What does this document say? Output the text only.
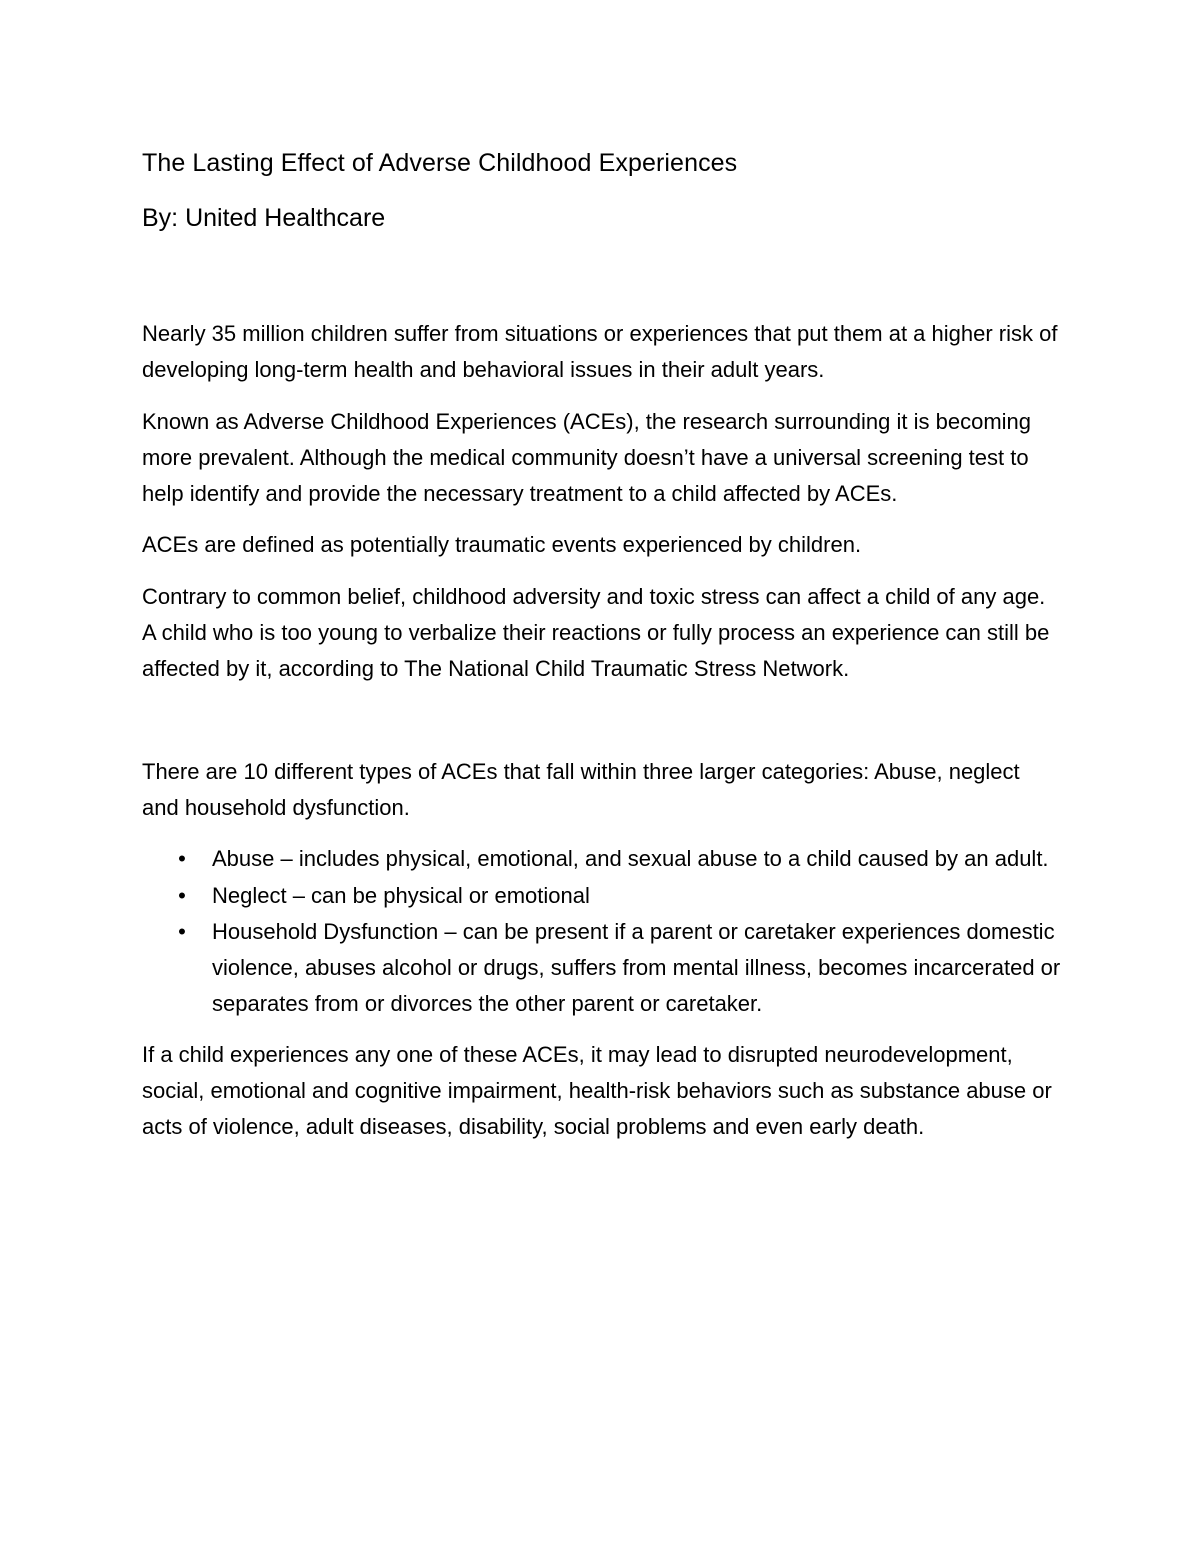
The Lasting Effect of Adverse Childhood Experiences

By: United Healthcare

Nearly 35 million children suffer from situations or experiences that put them at a higher risk of developing long-term health and behavioral issues in their adult years.

Known as Adverse Childhood Experiences (ACEs), the research surrounding it is becoming more prevalent. Although the medical community doesn’t have a universal screening test to help identify and provide the necessary treatment to a child affected by ACEs.

ACEs are defined as potentially traumatic events experienced by children.

Contrary to common belief, childhood adversity and toxic stress can affect a child of any age. A child who is too young to verbalize their reactions or fully process an experience can still be affected by it, according to The National Child Traumatic Stress Network.

There are 10 different types of ACEs that fall within three larger categories: Abuse, neglect and household dysfunction.

• Abuse – includes physical, emotional, and sexual abuse to a child caused by an adult.
• Neglect – can be physical or emotional
• Household Dysfunction – can be present if a parent or caretaker experiences domestic violence, abuses alcohol or drugs, suffers from mental illness, becomes incarcerated or separates from or divorces the other parent or caretaker.

If a child experiences any one of these ACEs, it may lead to disrupted neurodevelopment, social, emotional and cognitive impairment, health-risk behaviors such as substance abuse or acts of violence, adult diseases, disability, social problems and even early death.
